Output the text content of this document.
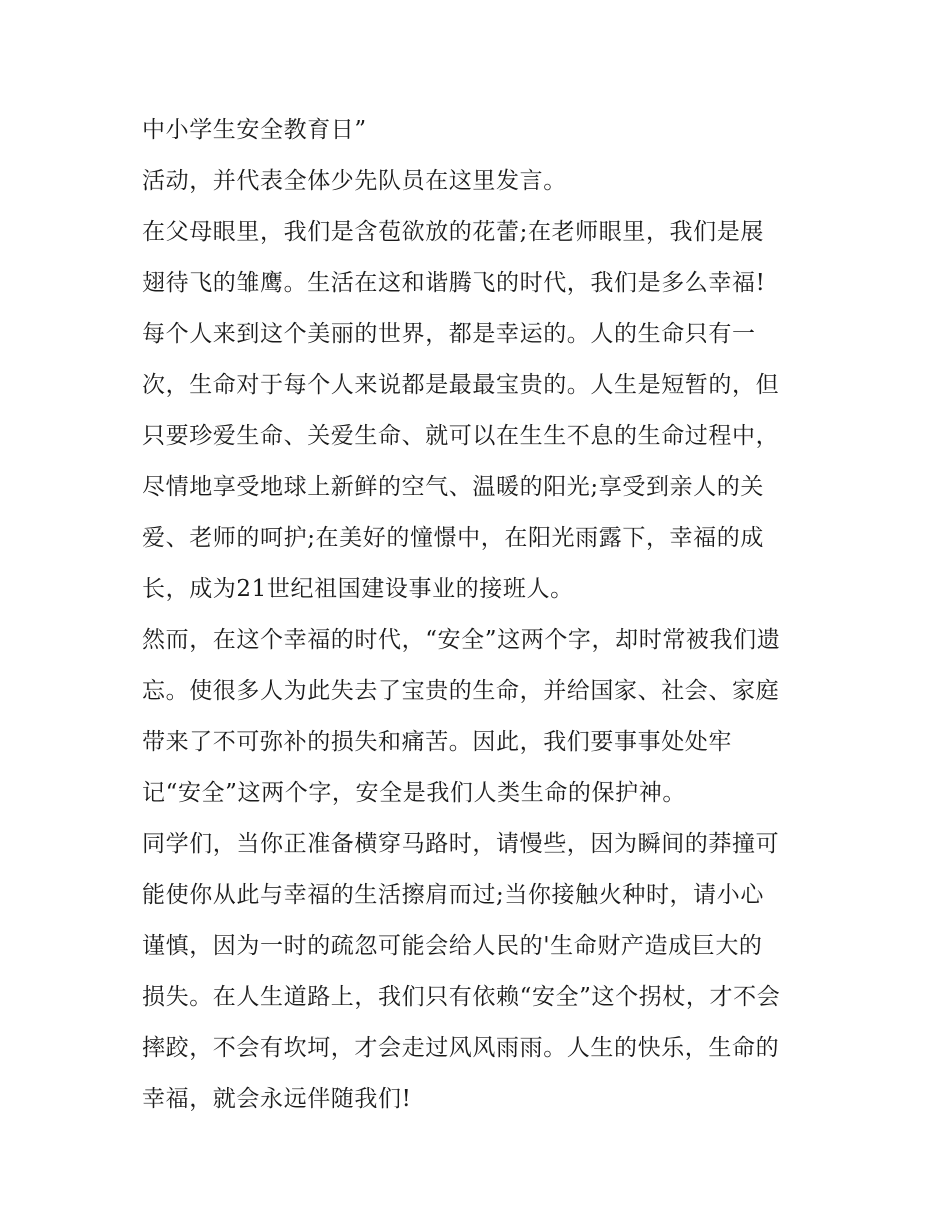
中小学生安全教育日”
活动，并代表全体少先队员在这里发言。
在父母眼里，我们是含苞欲放的花蕾;在老师眼里，我们是展
翅待飞的雏鹰。生活在这和谐腾飞的时代，我们是多么幸福!
每个人来到这个美丽的世界，都是幸运的。人的生命只有一
次，生命对于每个人来说都是最最宝贵的。人生是短暂的，但
只要珍爱生命、关爱生命、就可以在生生不息的生命过程中，
尽情地享受地球上新鲜的空气、温暖的阳光;享受到亲人的关
爱、老师的呵护;在美好的憧憬中，在阳光雨露下，幸福的成
长，成为21世纪祖国建设事业的接班人。
然而，在这个幸福的时代，“安全”这两个字，却时常被我们遗
忘。使很多人为此失去了宝贵的生命，并给国家、社会、家庭
带来了不可弥补的损失和痛苦。因此，我们要事事处处牢
记“安全”这两个字，安全是我们人类生命的保护神。
同学们，当你正准备横穿马路时，请慢些，因为瞬间的莽撞可
能使你从此与幸福的生活擦肩而过;当你接触火种时，请小心
谨慎，因为一时的疏忽可能会给人民的'生命财产造成巨大的
损失。在人生道路上，我们只有依赖“安全”这个拐杖，才不会
摔跤，不会有坎坷，才会走过风风雨雨。人生的快乐，生命的
幸福，就会永远伴随我们!
